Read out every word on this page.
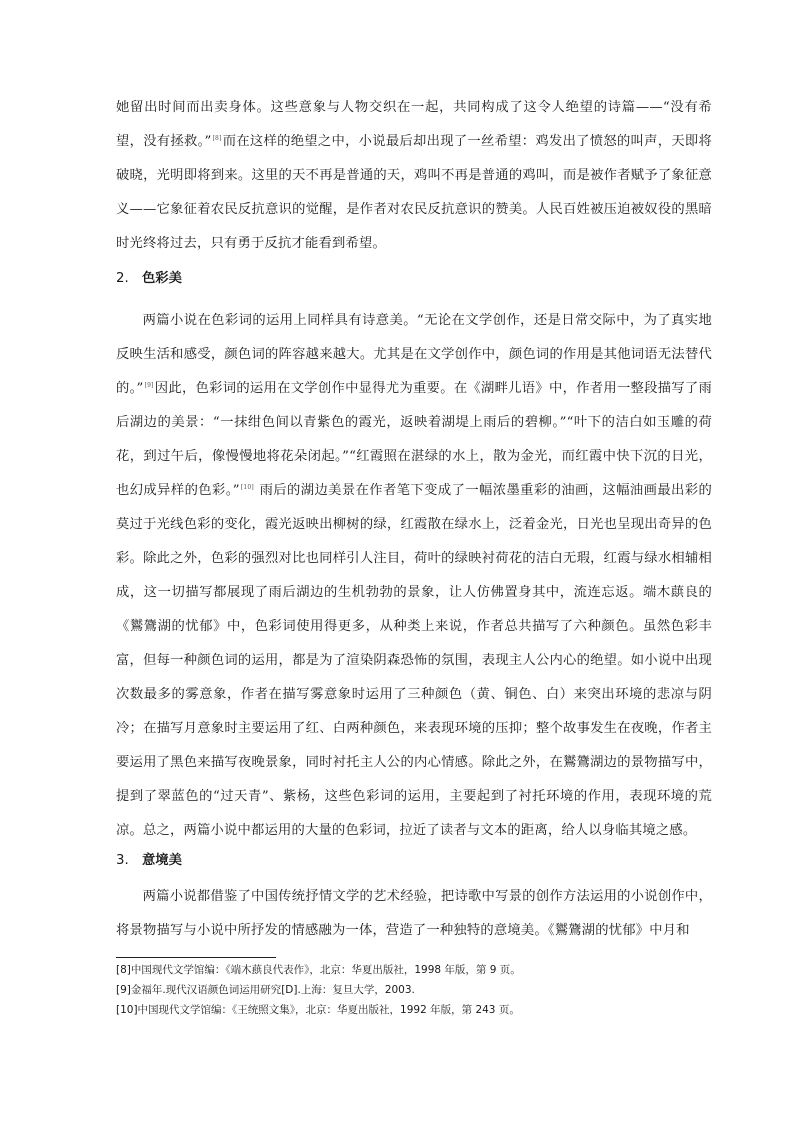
她留出时间而出卖身体。这些意象与人物交织在一起，共同构成了这令人绝望的诗篇——“没有希望，没有拯救。”[8]而在这样的绝望之中，小说最后却出现了一丝希望：鸡发出了愤怒的叫声，天即将破晓，光明即将到来。这里的天不再是普通的天，鸡叫不再是普通的鸡叫，而是被作者赋予了象征意义——它象征着农民反抗意识的觉醒，是作者对农民反抗意识的赞美。人民百姓被压迫被奴役的黑暗时光终将过去，只有勇于反抗才能看到希望。

2. 色彩美

两篇小说在色彩词的运用上同样具有诗意美。“无论在文学创作，还是日常交际中，为了真实地反映生活和感受，颜色词的阵容越来越大。尤其是在文学创作中，颜色词的作用是其他词语无法替代的。”[9]因此，色彩词的运用在文学创作中显得尤为重要。在《湖畔儿语》中，作者用一整段描写了雨后湖边的美景：“一抹绀色间以青紫色的霞光，返映着湖堤上雨后的碧柳。”“叶下的洁白如玉雕的荷花，到过午后，像慢慢地将花朵闭起。”“红霞照在湛绿的水上，散为金光，而红霞中快下沉的日光，也幻成异样的色彩。”[10] 雨后的湖边美景在作者笔下变成了一幅浓墨重彩的油画，这幅油画最出彩的莫过于光线色彩的变化，霞光返映出柳树的绿，红霞散在绿水上，泛着金光，日光也呈现出奇异的色彩。除此之外，色彩的强烈对比也同样引人注目，荷叶的绿映衬荷花的洁白无瑕，红霞与绿水相辅相成，这一切描写都展现了雨后湖边的生机勃勃的景象，让人仿佛置身其中，流连忘返。端木蕻良的《鸑鷟湖的忧郁》中，色彩词使用得更多，从种类上来说，作者总共描写了六种颜色。虽然色彩丰富，但每一种颜色词的运用，都是为了渲染阴森恐怖的氛围，表现主人公内心的绝望。如小说中出现次数最多的雾意象，作者在描写雾意象时运用了三种颜色（黄、铜色、白）来突出环境的悲凉与阴冷；在描写月意象时主要运用了红、白两种颜色，来表现环境的压抑；整个故事发生在夜晚，作者主要运用了黑色来描写夜晚景象，同时衬托主人公的内心情感。除此之外，在鸑鷟湖边的景物描写中，提到了翠蓝色的“过天青”、紫杨，这些色彩词的运用，主要起到了衬托环境的作用，表现环境的荒凉。总之，两篇小说中都运用的大量的色彩词，拉近了读者与文本的距离，给人以身临其境之感。

3. 意境美

两篇小说都借鉴了中国传统抒情文学的艺术经验，把诗歌中写景的创作方法运用的小说创作中，将景物描写与小说中所抒发的情感融为一体，营造了一种独特的意境美。《鸑鷟湖的忧郁》中月和

[8]中国现代文学馆编：《端木蕻良代表作》，北京：华夏出版社，1998 年版，第 9 页。
[9]金福年.现代汉语颜色词运用研究[D].上海：复旦大学，2003.
[10]中国现代文学馆编：《王统照文集》，北京：华夏出版社，1992 年版，第 243 页。
